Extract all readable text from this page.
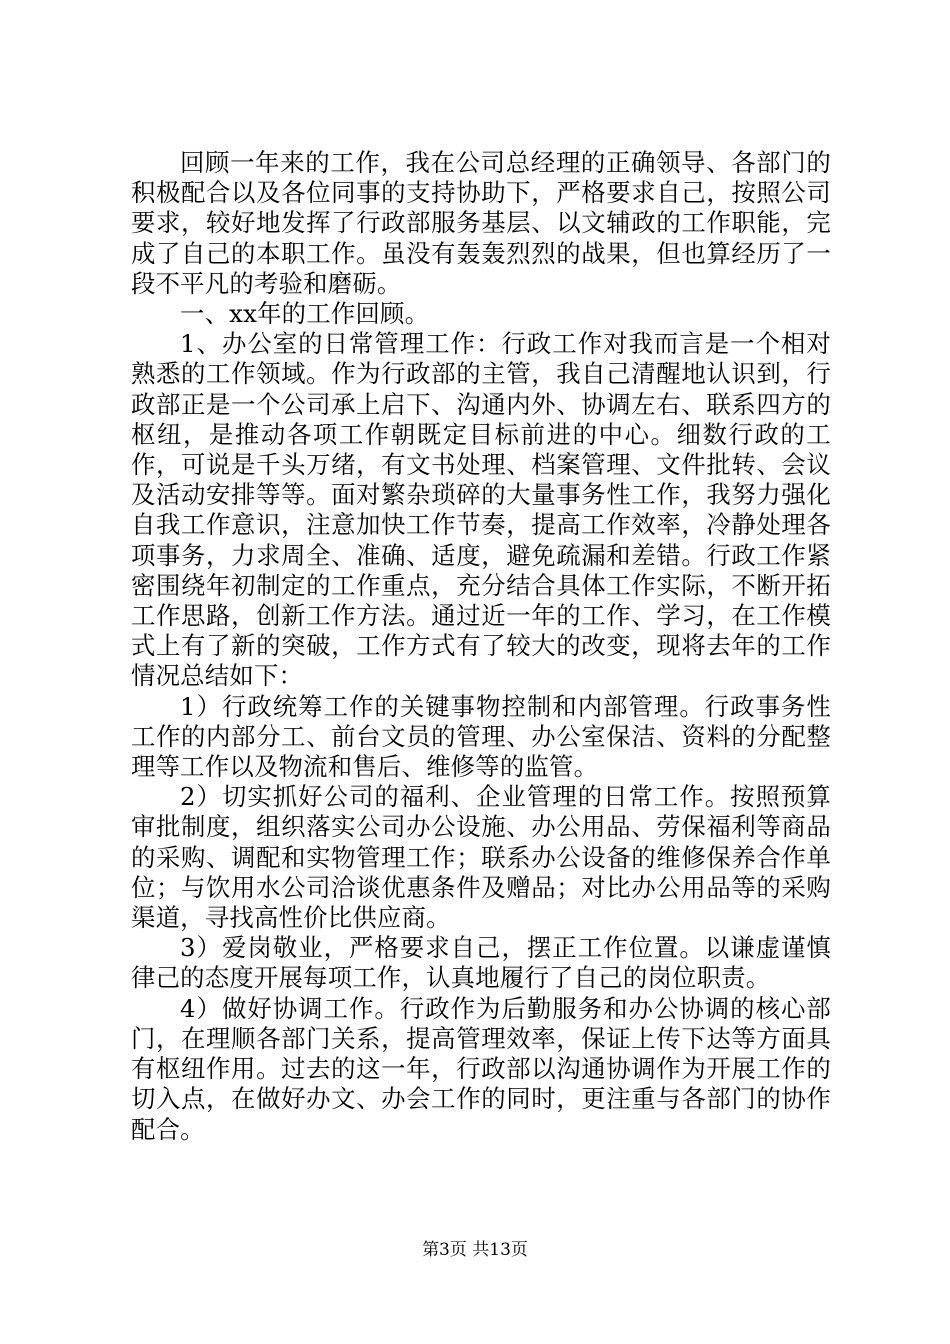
回顾一年来的工作，我在公司总经理的正确领导、各部门的积极配合以及各位同事的支持协助下，严格要求自己，按照公司要求，较好地发挥了行政部服务基层、以文辅政的工作职能，完成了自己的本职工作。虽没有轰轰烈烈的战果，但也算经历了一段不平凡的考验和磨砺。

一、xx年的工作回顾。

1、办公室的日常管理工作：行政工作对我而言是一个相对熟悉的工作领域。作为行政部的主管，我自己清醒地认识到，行政部正是一个公司承上启下、沟通内外、协调左右、联系四方的枢纽，是推动各项工作朝既定目标前进的中心。细数行政的工作，可说是千头万绪，有文书处理、档案管理、文件批转、会议及活动安排等等。面对繁杂琐碎的大量事务性工作，我努力强化自我工作意识，注意加快工作节奏，提高工作效率，冷静处理各项事务，力求周全、准确、适度，避免疏漏和差错。行政工作紧密围绕年初制定的工作重点，充分结合具体工作实际，不断开拓工作思路，创新工作方法。通过近一年的工作、学习，在工作模式上有了新的突破，工作方式有了较大的改变，现将去年的工作情况总结如下：

1）行政统筹工作的关键事物控制和内部管理。行政事务性工作的内部分工、前台文员的管理、办公室保洁、资料的分配整理等工作以及物流和售后、维修等的监管。

2）切实抓好公司的福利、企业管理的日常工作。按照预算审批制度，组织落实公司办公设施、办公用品、劳保福利等商品的采购、调配和实物管理工作；联系办公设备的维修保养合作单位；与饮用水公司洽谈优惠条件及赠品；对比办公用品等的采购渠道，寻找高性价比供应商。

3）爱岗敬业，严格要求自己，摆正工作位置。以谦虚谨慎律己的态度开展每项工作，认真地履行了自己的岗位职责。

4）做好协调工作。行政作为后勤服务和办公协调的核心部门，在理顺各部门关系，提高管理效率，保证上传下达等方面具有枢纽作用。过去的这一年，行政部以沟通协调作为开展工作的切入点，在做好办文、办会工作的同时，更注重与各部门的协作配合。

第3页 共13页
